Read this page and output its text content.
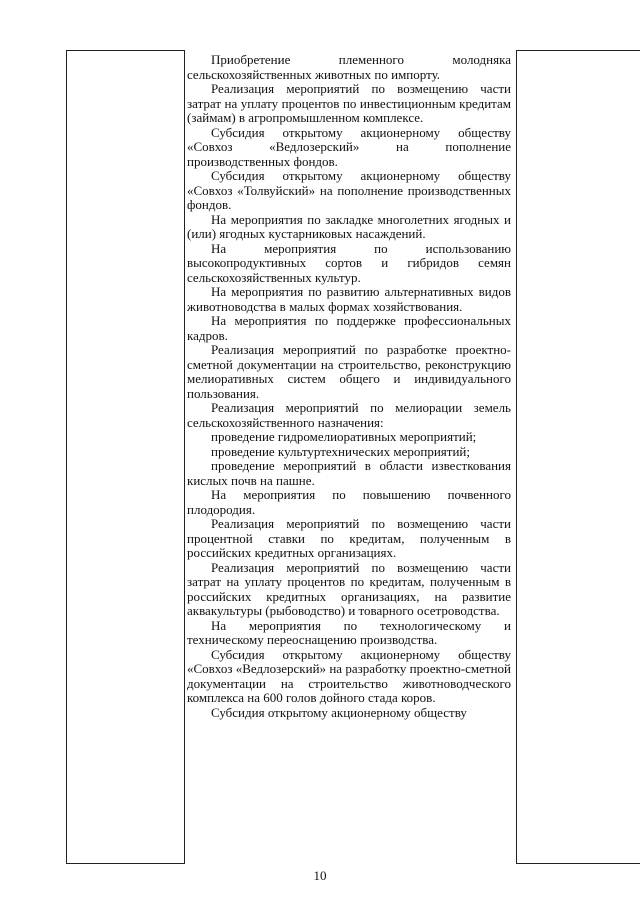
Приобретение племенного молодняка сельскохозяйственных животных по импорту.

Реализация мероприятий по возмещению части затрат на уплату процентов по инвестиционным кредитам (займам) в агропромышленном комплексе.

Субсидия открытому акционерному обществу «Совхоз «Ведлозерский» на пополнение производственных фондов.

Субсидия открытому акционерному обществу «Совхоз «Толвуйский» на пополнение производственных фондов.

На мероприятия по закладке многолетних ягодных и (или) ягодных кустарниковых насаждений.

На мероприятия по использованию высокопродуктивных сортов и гибридов семян сельскохозяйственных культур.

На мероприятия по развитию альтернативных видов животноводства в малых формах хозяйствования.

На мероприятия по поддержке профессиональных кадров.

Реализация мероприятий по разработке проектно-сметной документации на строительство, реконструкцию мелиоративных систем общего и индивидуального пользования.

Реализация мероприятий по мелиорации земель сельскохозяйственного назначения:

проведение гидромелиоративных мероприятий;

проведение культуртехнических мероприятий;

проведение мероприятий в области известкования кислых почв на пашне.

На мероприятия по повышению почвенного плодородия.

Реализация мероприятий по возмещению части процентной ставки по кредитам, полученным в российских кредитных организациях.

Реализация мероприятий по возмещению части затрат на уплату процентов по кредитам, полученным в российских кредитных организациях, на развитие аквакультуры (рыбоводство) и товарного осетроводства.

На мероприятия по технологическому и техническому переоснащению производства.

Субсидия открытому акционерному обществу «Совхоз «Ведлозерский» на разработку проектно-сметной документации на строительство животноводческого комплекса на 600 голов дойного стада коров.

Субсидия открытому акционерному обществу

10
